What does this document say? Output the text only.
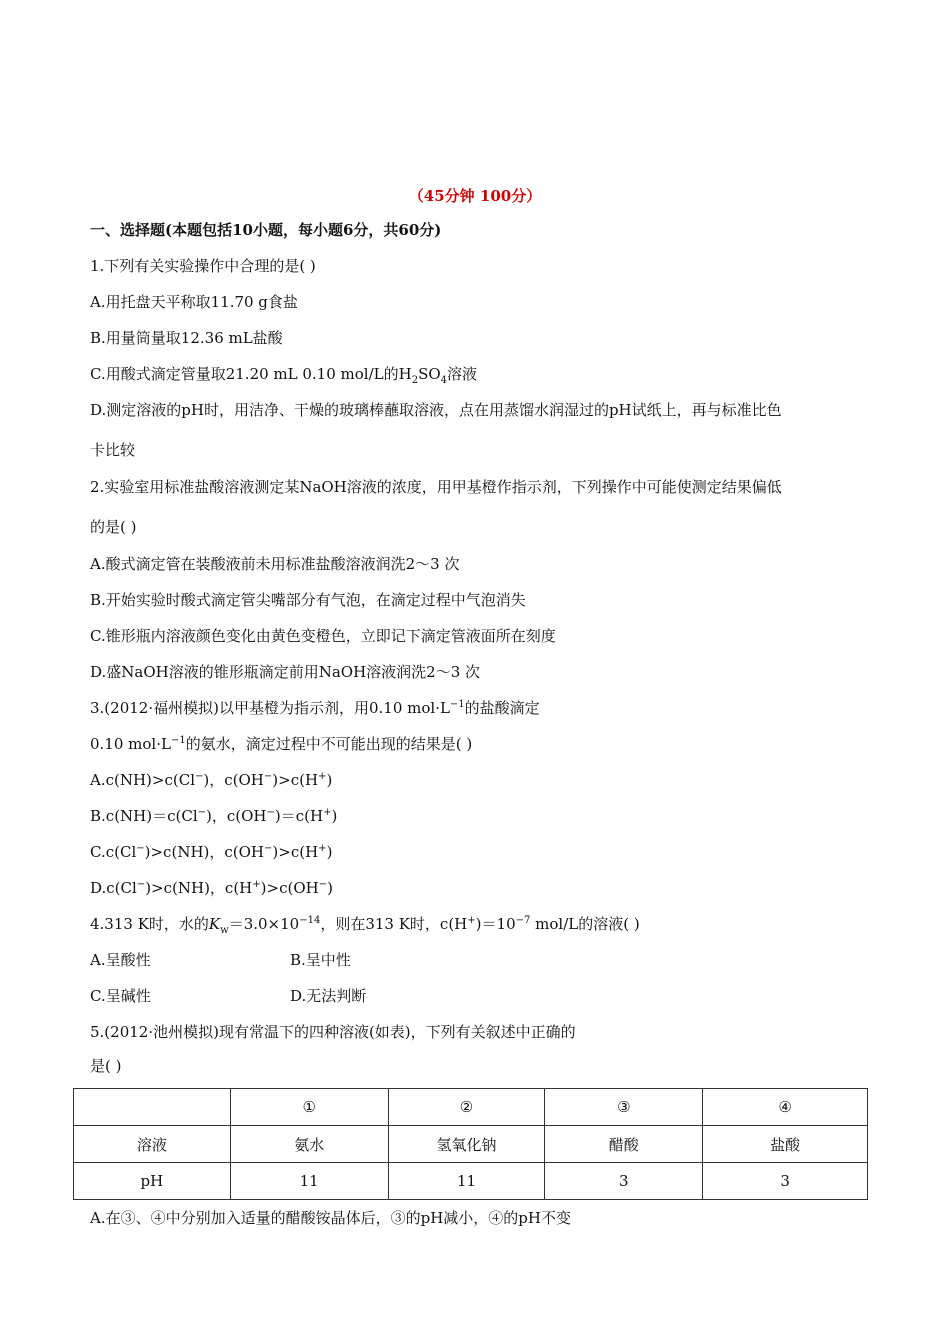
（45分钟 100分）
一、选择题(本题包括10小题，每小题6分，共60分)
1.下列有关实验操作中合理的是( )
A.用托盘天平称取11.70 g食盐
B.用量筒量取12.36 mL盐酸
C.用酸式滴定管量取21.20 mL 0.10 mol/L的$H_2SO_4$溶液
D.测定溶液的pH时，用洁净、干燥的玻璃棒蘸取溶液，点在用蒸馏水润湿过的pH试纸上，再与标准比色
卡比较
2.实验室用标准盐酸溶液测定某NaOH溶液的浓度，用甲基橙作指示剂，下列操作中可能使测定结果偏低
的是( )
A.酸式滴定管在装酸液前未用标准盐酸溶液润洗2～3 次
B.开始实验时酸式滴定管尖嘴部分有气泡，在滴定过程中气泡消失
C.锥形瓶内溶液颜色变化由黄色变橙色，立即记下滴定管液面所在刻度
D.盛NaOH溶液的锥形瓶滴定前用NaOH溶液润洗2～3 次
3.(2012·福州模拟)以甲基橙为指示剂，用0.10 $mol\cdot L^{-1}$的盐酸滴定
0.10 $mol\cdot L^{-1}$的氨水，滴定过程中不可能出现的结果是( )
A.c(NH)>c(Cl−)，c(OH−)>c(H+)
B.c(NH)＝c(Cl−)，c(OH−)＝c(H+)
C.c(Cl−)>c(NH)，c(OH−)>c(H+)
D.c(Cl−)>c(NH)，c(H+)>c(OH−)
4.313 K时，水的$K_w=3.0\times 10^{-14}$，则在313 K时，$c(H^+)=10^{-7}$ mol/L的溶液( )
A.呈酸性	B.呈中性
C.呈碱性	D.无法判断
5.(2012·池州模拟)现有常温下的四种溶液(如表)，下列有关叙述中正确的
是( )
	①	②	③	④
溶液	氨水	氢氧化钠	醋酸	盐酸
pH	11	11	3	3
A.在③、④中分别加入适量的醋酸铵晶体后，③的pH减小，④的pH不变
